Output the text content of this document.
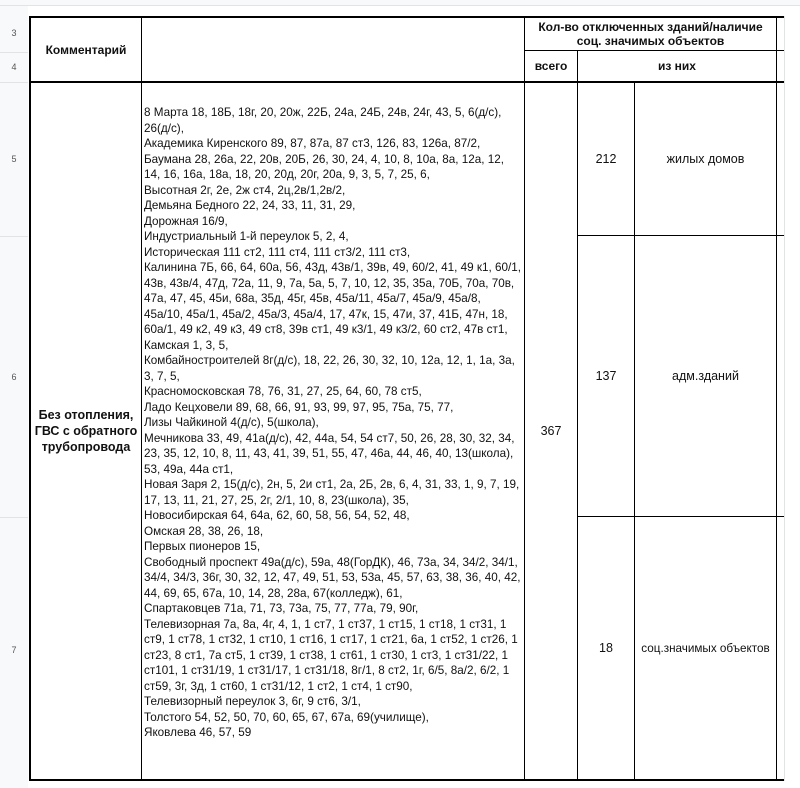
3
4
5
6
7
Комментарий
Кол-во отключенных зданий/наличие соц. значимых объектов
всего	из них
Без отопления, ГВС с обратного трубопровода
8 Марта 18, 18Б, 18г, 20, 20ж, 22Б, 24а, 24Б, 24в, 24г, 43, 5, 6(д/с), 26(д/с),
Академика Киренского 89, 87, 87а, 87 ст3, 126, 83, 126а, 87/2,
Баумана 28, 26а, 22, 20в, 20Б, 26, 30, 24, 4, 10, 8, 10а, 8а, 12а, 12, 14, 16, 16а, 18а, 18, 20, 20д, 20г, 20а, 9, 3, 5, 7, 25, 6,
Высотная 2г, 2е, 2ж ст4, 2ц,2в/1,2в/2,
Демьяна Бедного 22, 24, 33, 11, 31, 29,
Дорожная 16/9,
Индустриальный 1-й переулок 5, 2, 4,
Историческая 111 ст2, 111 ст4, 111 ст3/2, 111 ст3,
Калинина 7Б, 66, 64, 60а, 56, 43д, 43в/1, 39в, 49, 60/2, 41, 49 к1, 60/1, 43в, 43в/4, 47д, 72а, 11, 9, 7а, 5а, 5, 7, 10, 12, 35, 35а, 70Б, 70а, 70в, 47а, 47, 45, 45и, 68а, 35д, 45г, 45в, 45а/11, 45а/7, 45а/9, 45а/8, 45а/10, 45а/1, 45а/2, 45а/3, 45а/4, 17, 47к, 15, 47и, 37, 41Б, 47н, 18, 60а/1, 49 к2, 49 к3, 49 ст8, 39в ст1, 49 к3/1, 49 к3/2, 60 ст2, 47в ст1,
Камская 1, 3, 5,
Комбайностроителей 8г(д/с), 18, 22, 26, 30, 32, 10, 12а, 12, 1, 1а, 3а, 3, 7, 5,
Красномосковская 78, 76, 31, 27, 25, 64, 60, 78 ст5,
Ладо Кецховели 89, 68, 66, 91, 93, 99, 97, 95, 75а, 75, 77,
Лизы Чайкиной 4(д/с), 5(школа),
Мечникова 33, 49, 41а(д/с), 42, 44а, 54, 54 ст7, 50, 26, 28, 30, 32, 34, 23, 35, 12, 10, 8, 11, 43, 41, 39, 51, 55, 47, 46а, 44, 46, 40, 13(школа), 53, 49а, 44а ст1,
Новая Заря 2, 15(д/с), 2н, 5, 2и ст1, 2а, 2Б, 2в, 6, 4, 31, 33, 1, 9, 7, 19, 17, 13, 11, 21, 27, 25, 2г, 2/1, 10, 8, 23(школа), 35,
Новосибирская 64, 64а, 62, 60, 58, 56, 54, 52, 48,
Омская 28, 38, 26, 18,
Первых пионеров 15,
Свободный проспект 49а(д/с), 59а, 48(ГорДК), 46, 73а, 34, 34/2, 34/1, 34/4, 34/3, 36г, 30, 32, 12, 47, 49, 51, 53, 53а, 45, 57, 63, 38, 36, 40, 42, 44, 69, 65, 67а, 10, 14, 28, 28а, 67(колледж), 61,
Спартаковцев 71а, 71, 73, 73а, 75, 77, 77а, 79, 90г,
Телевизорная 7а, 8а, 4г, 4, 1, 1 ст7, 1 ст37, 1 ст15, 1 ст18, 1 ст31, 1 ст9, 1 ст78, 1 ст32, 1 ст10, 1 ст16, 1 ст17, 1 ст21, 6а, 1 ст52, 1 ст26, 1 ст23, 8 ст1, 7а ст5, 1 ст39, 1 ст38, 1 ст61, 1 ст30, 1 ст3, 1 ст31/22, 1 ст101, 1 ст31/19, 1 ст31/17, 1 ст31/18, 8г/1, 8 ст2, 1г, 6/5, 8а/2, 6/2, 1 ст59, 3г, 3д, 1 ст60, 1 ст31/12, 1 ст2, 1 ст4, 1 ст90,
Телевизорный переулок 3, 6г, 9 ст6, 3/1,
Толстого 54, 52, 50, 70, 60, 65, 67, 67а, 69(училище),
Яковлева 46, 57, 59
367
212
137
18
жилых домов
адм.зданий
соц.значимых объектов
